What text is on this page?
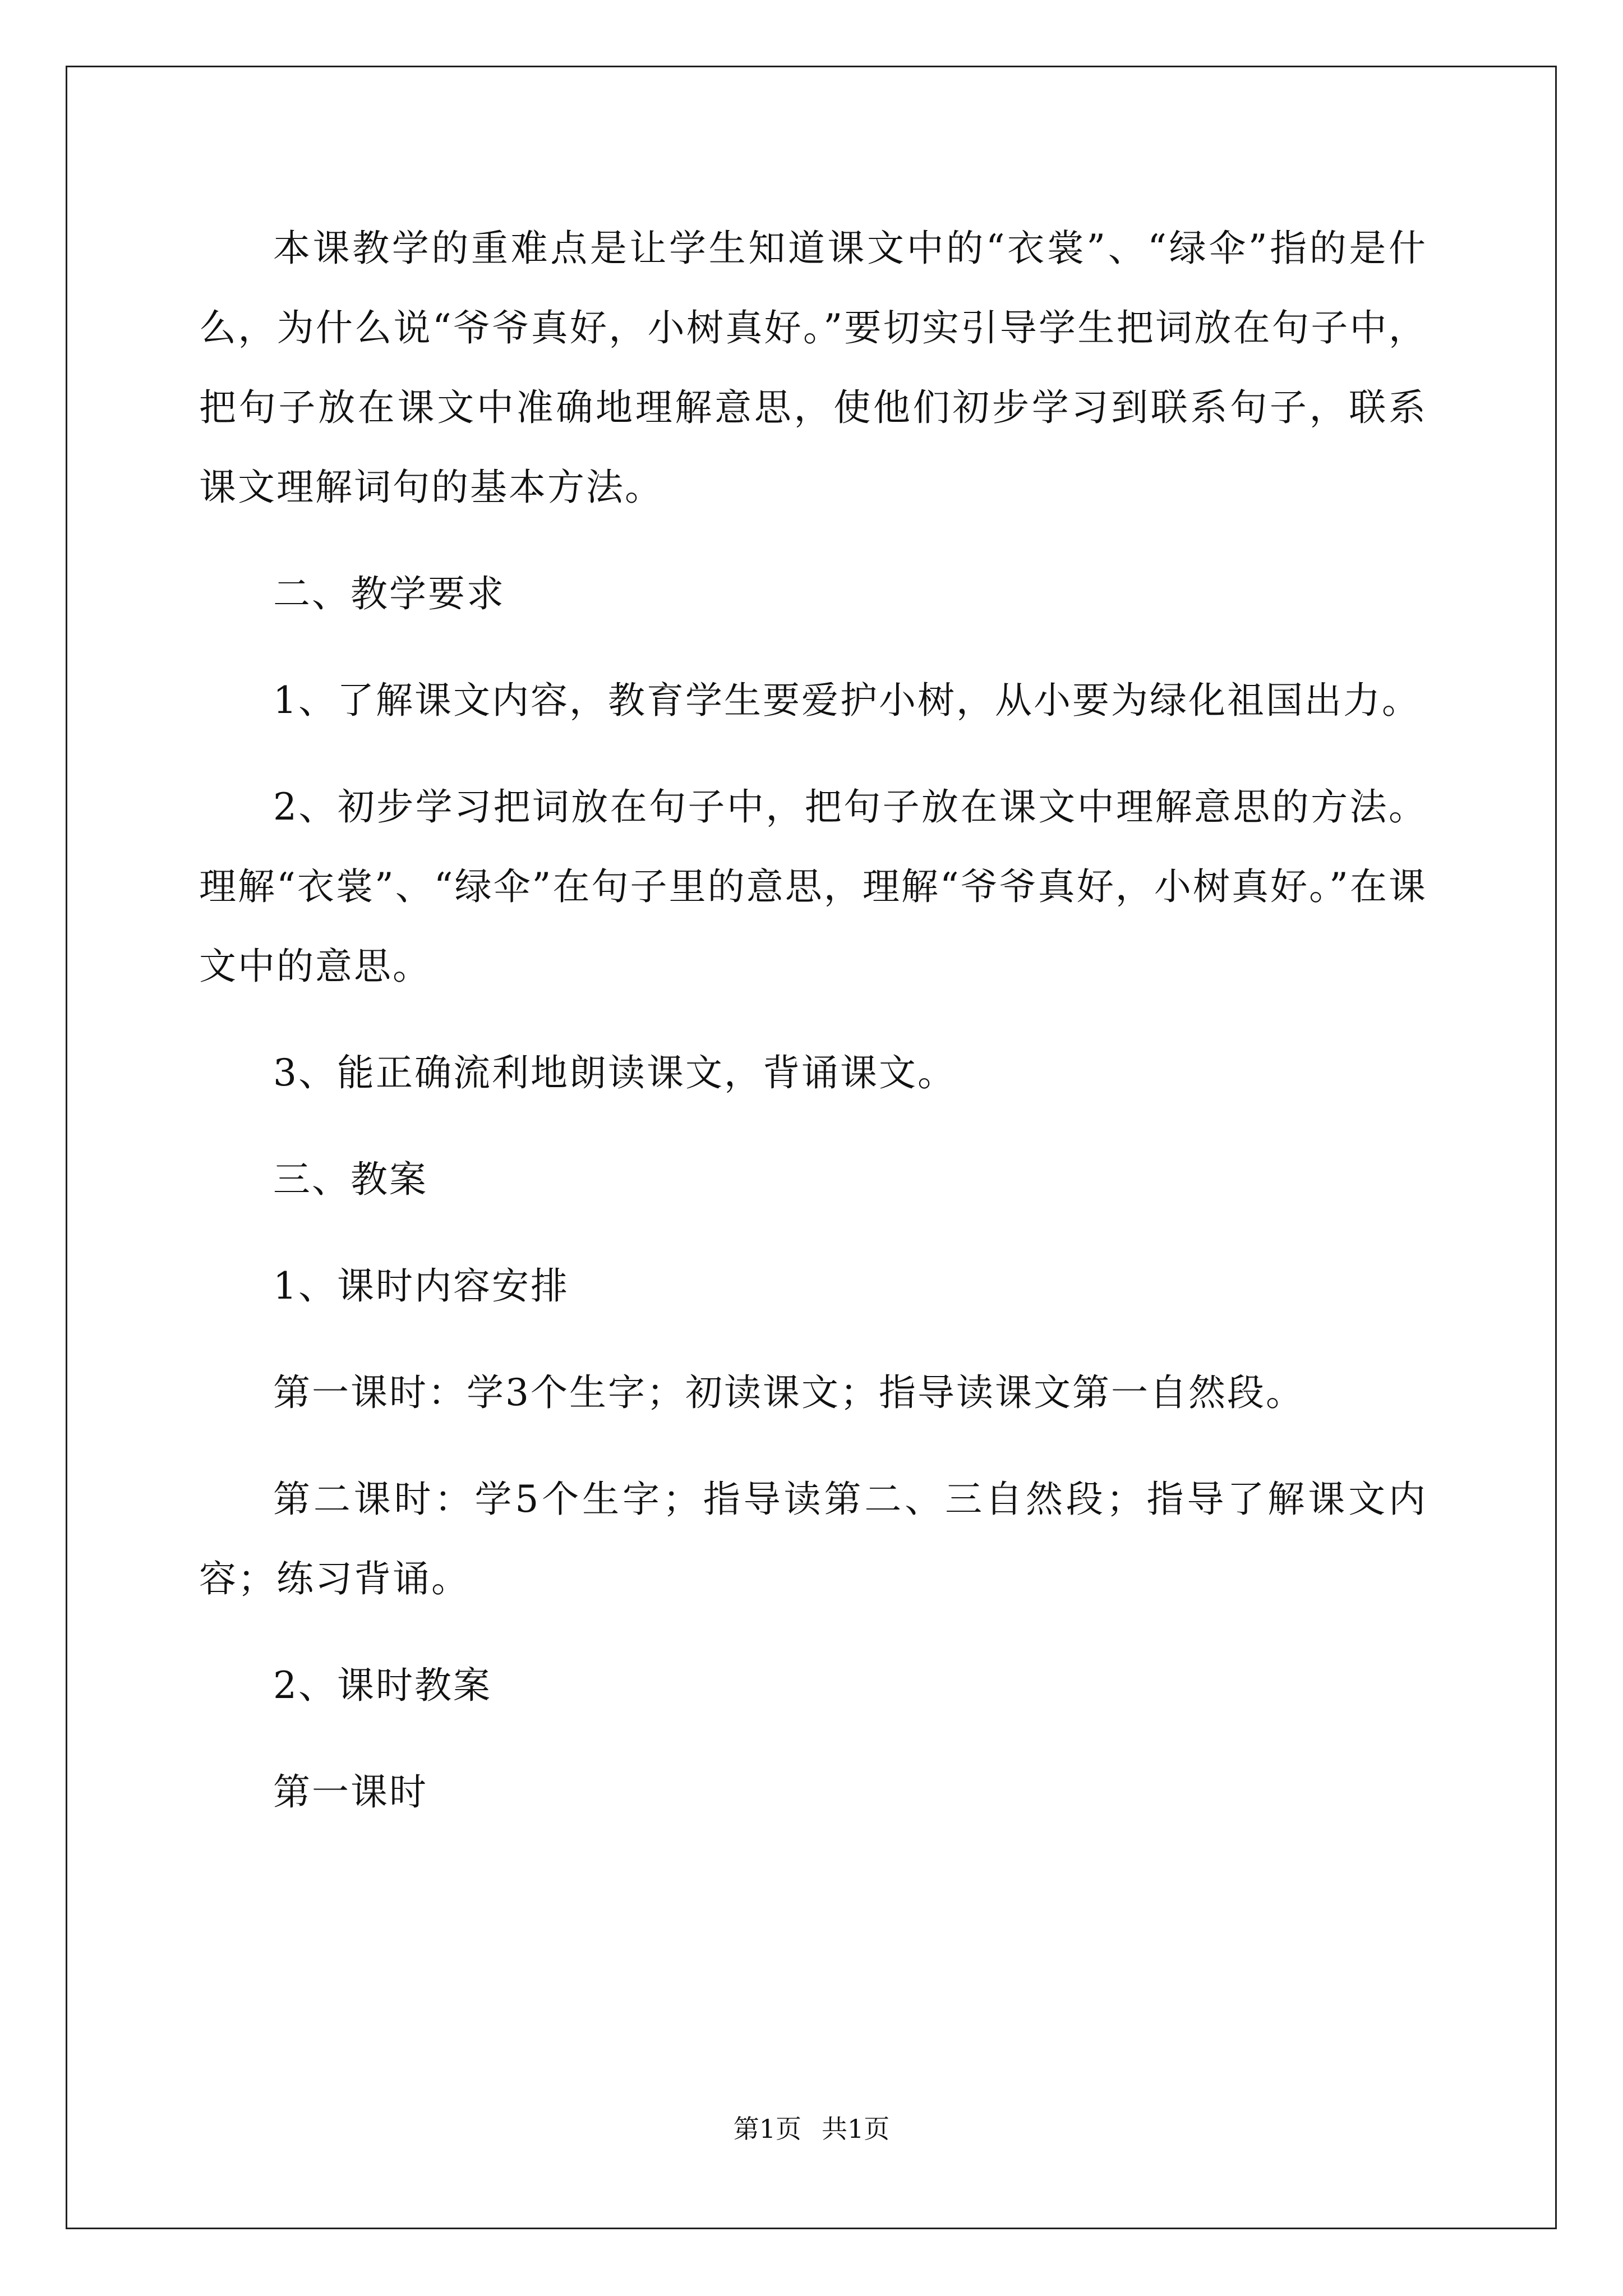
本课教学的重难点是让学生知道课文中的“衣裳”、“绿伞”指的是什么，为什么说“爷爷真好，小树真好。”要切实引导学生把词放在句子中，把句子放在课文中准确地理解意思，使他们初步学习到联系句子，联系课文理解词句的基本方法。

二、教学要求

1、了解课文内容，教育学生要爱护小树，从小要为绿化祖国出力。

2、初步学习把词放在句子中，把句子放在课文中理解意思的方法。理解“衣裳”、“绿伞”在句子里的意思，理解“爷爷真好，小树真好。”在课文中的意思。

3、能正确流利地朗读课文，背诵课文。

三、教案

1、课时内容安排

第一课时：学3个生字；初读课文；指导读课文第一自然段。

第二课时：学5个生字；指导读第二、三自然段；指导了解课文内容；练习背诵。

2、课时教案

第一课时

第1页 共1页
